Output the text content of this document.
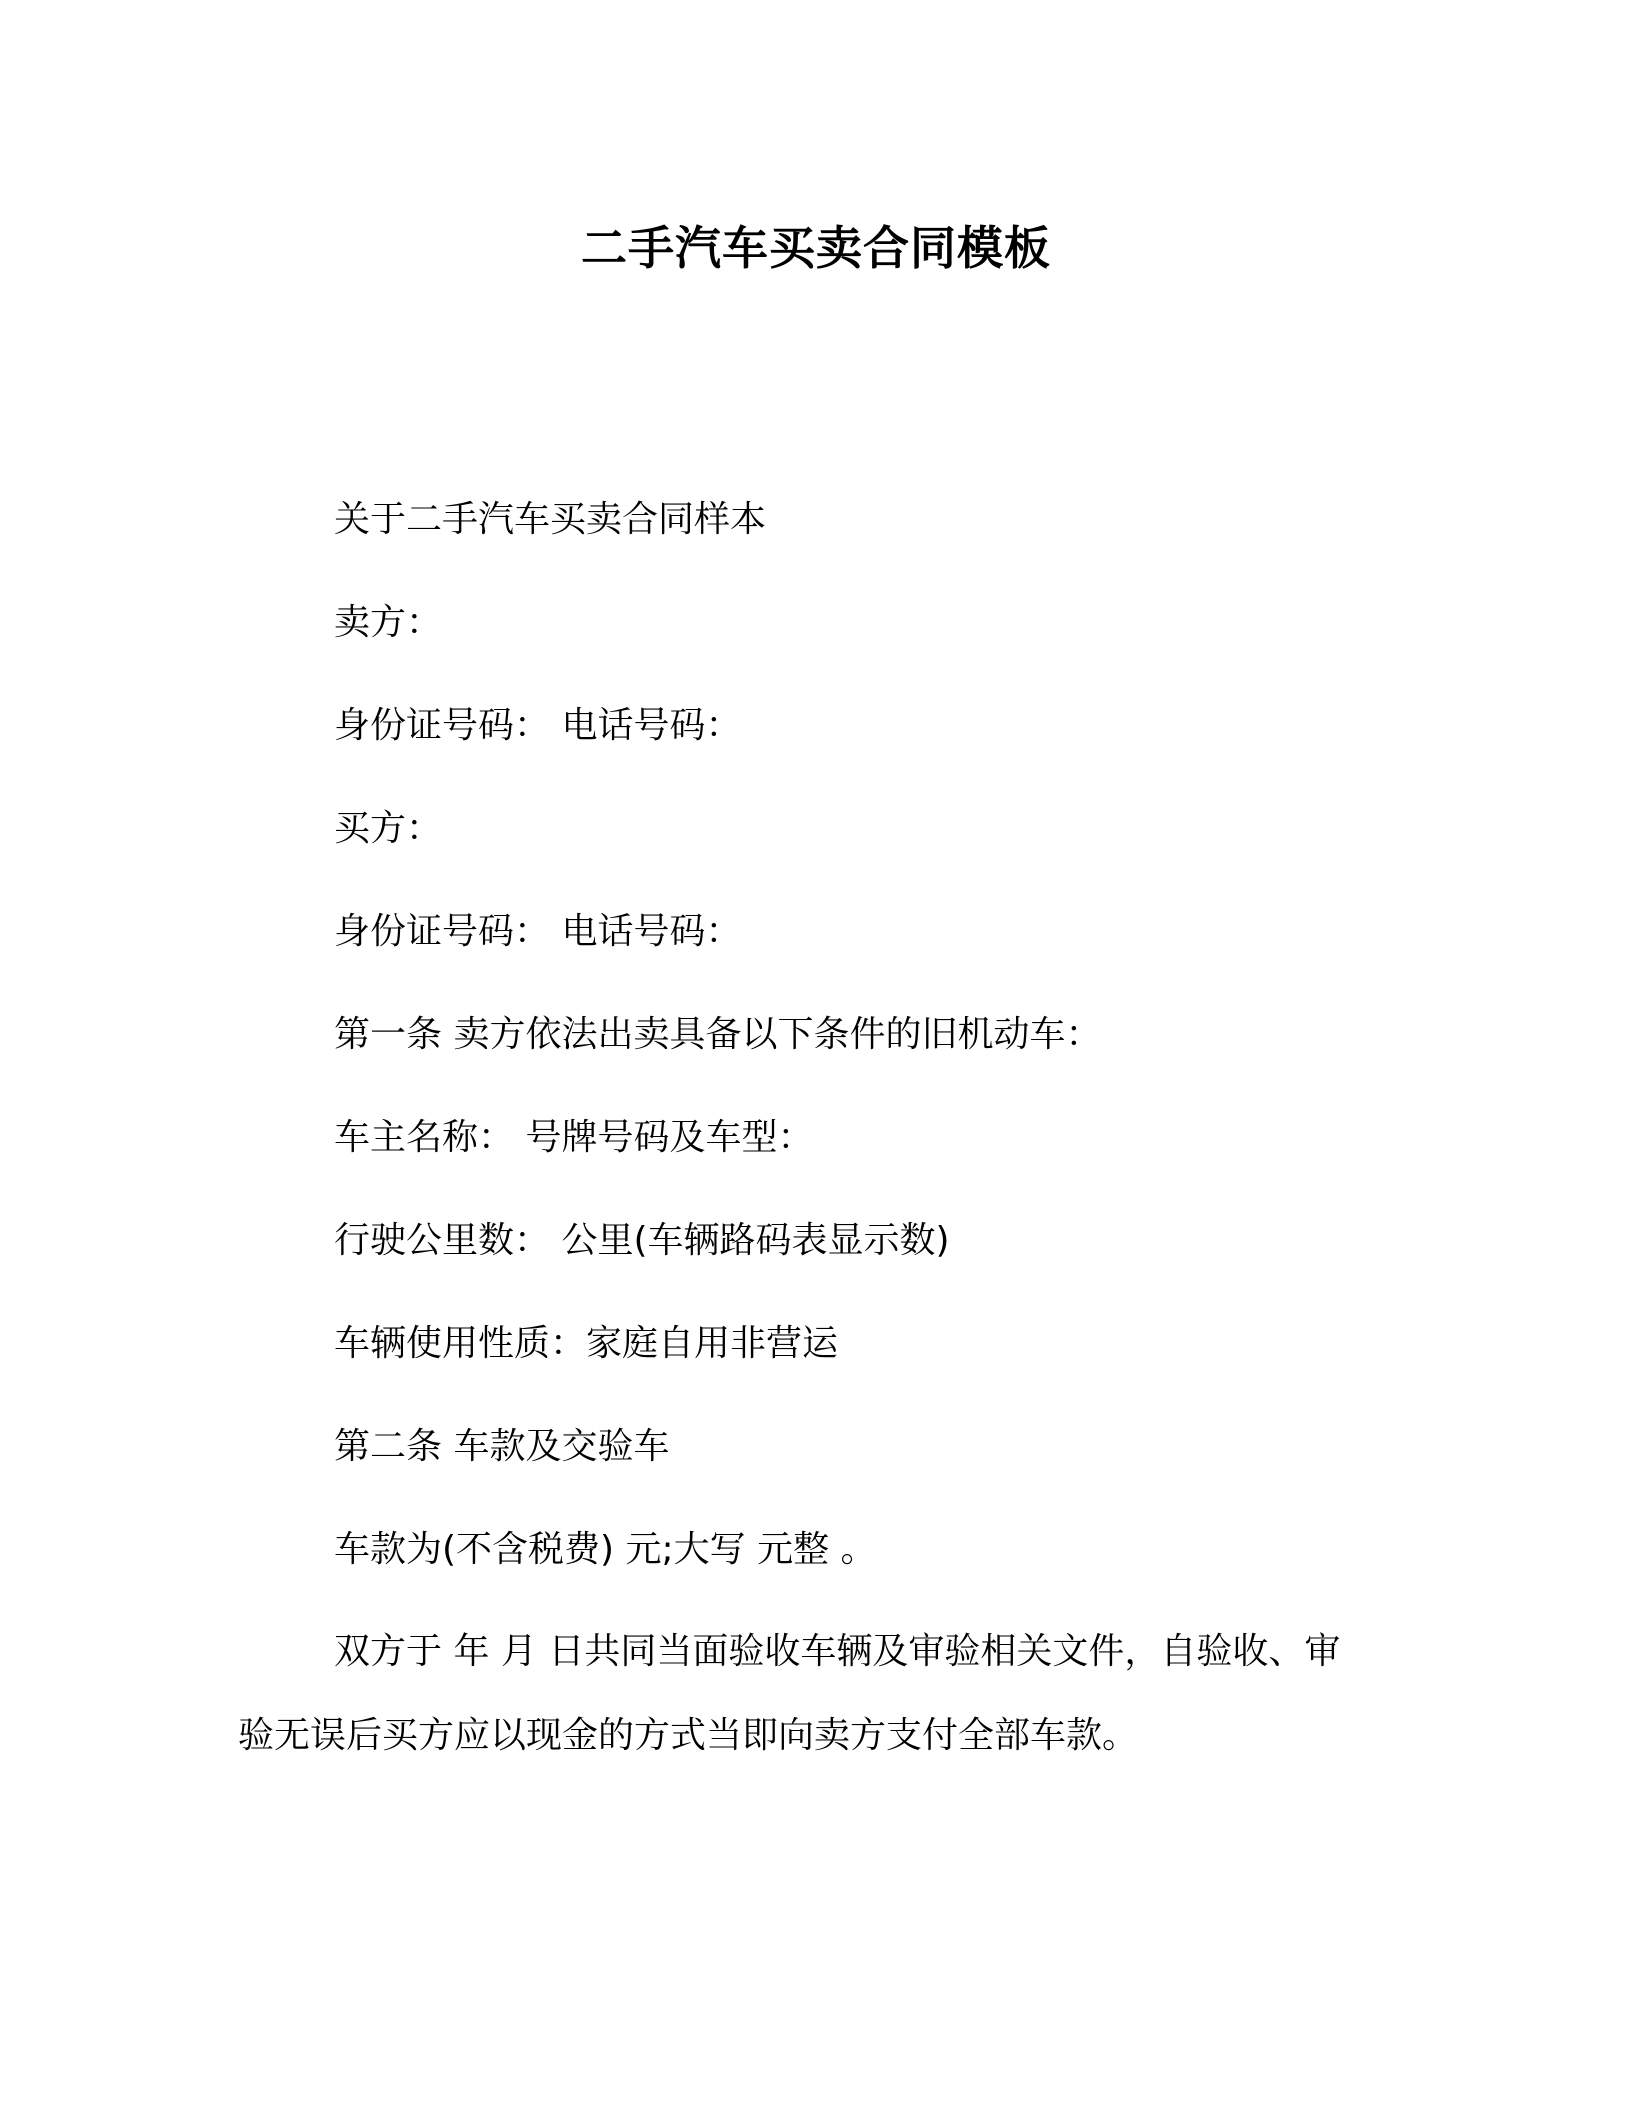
二手汽车买卖合同模板
关于二手汽车买卖合同样本
卖方：
身份证号码： 电话号码：
买方：
身份证号码： 电话号码：
第一条 卖方依法出卖具备以下条件的旧机动车：
车主名称： 号牌号码及车型：
行驶公里数： 公里(车辆路码表显示数)
车辆使用性质：家庭自用非营运
第二条 车款及交验车
车款为(不含税费) 元;大写 元整 。
双方于 年 月 日共同当面验收车辆及审验相关文件，自验收、审验无误后买方应以现金的方式当即向卖方支付全部车款。
